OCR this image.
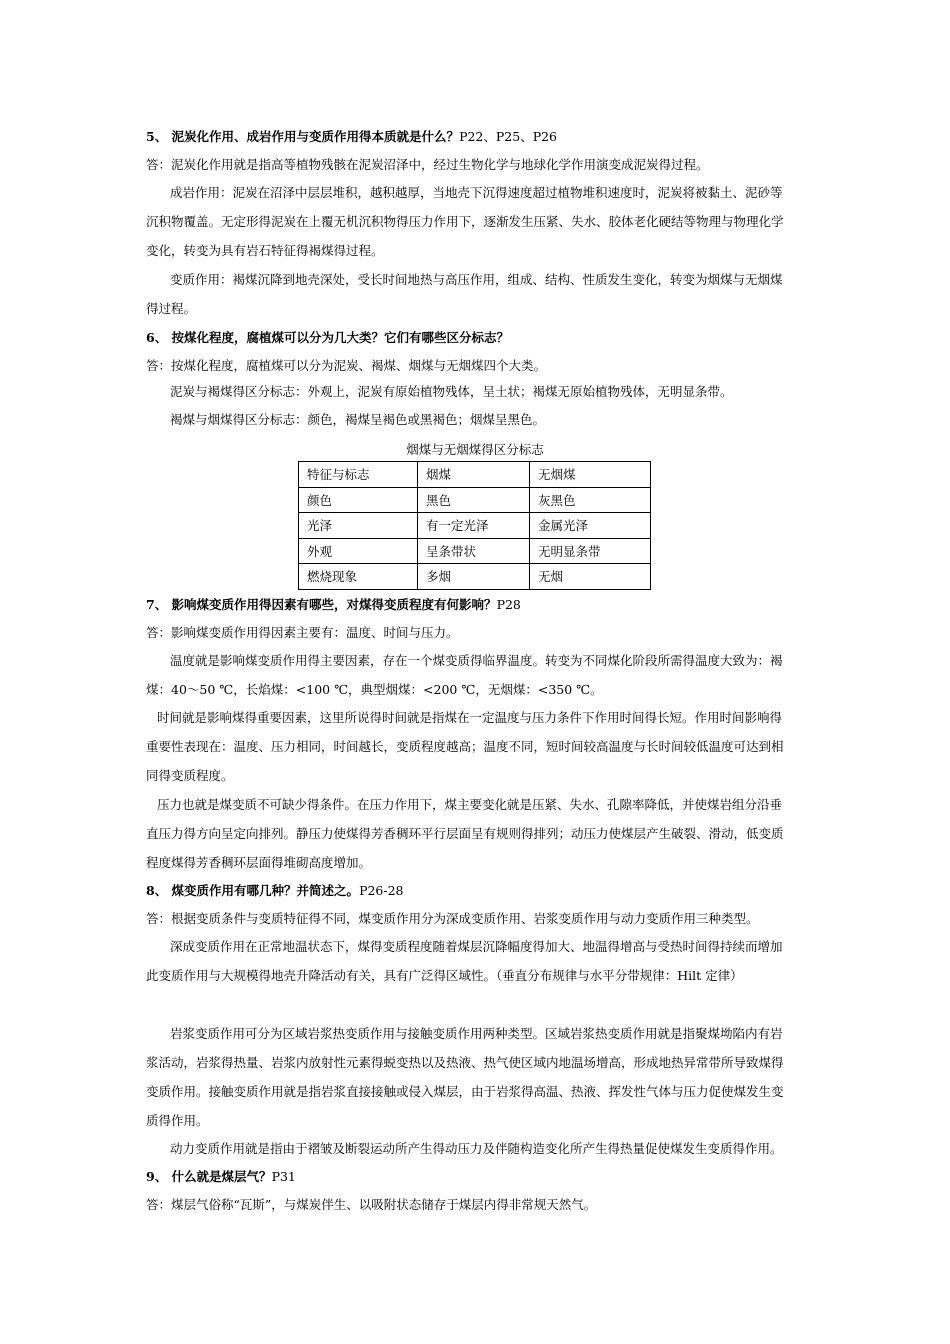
5、 泥炭化作用、成岩作用与变质作用得本质就是什么？P22、P25、P26
答：泥炭化作用就是指高等植物残骸在泥炭沼泽中，经过生物化学与地球化学作用演变成泥炭得过程。
成岩作用：泥炭在沼泽中层层堆积，越积越厚，当地壳下沉得速度超过植物堆积速度时，泥炭将被黏土、泥砂等
沉积物覆盖。无定形得泥炭在上覆无机沉积物得压力作用下，逐渐发生压紧、失水、胶体老化硬结等物理与物理化学
变化，转变为具有岩石特征得褐煤得过程。
变质作用：褐煤沉降到地壳深处，受长时间地热与高压作用，组成、结构、性质发生变化，转变为烟煤与无烟煤
得过程。
6、 按煤化程度，腐植煤可以分为几大类？它们有哪些区分标志？
答：按煤化程度，腐植煤可以分为泥炭、褐煤、烟煤与无烟煤四个大类。
泥炭与褐煤得区分标志：外观上，泥炭有原始植物残体，呈土状；褐煤无原始植物残体，无明显条带。
褐煤与烟煤得区分标志：颜色，褐煤呈褐色或黑褐色；烟煤呈黑色。
烟煤与无烟煤得区分标志
特征与标志	烟煤	无烟煤
颜色	黑色	灰黑色
光泽	有一定光泽	金属光泽
外观	呈条带状	无明显条带
燃烧现象	多烟	无烟
7、 影响煤变质作用得因素有哪些，对煤得变质程度有何影响？P28
答：影响煤变质作用得因素主要有：温度、时间与压力。
温度就是影响煤变质作用得主要因素，存在一个煤变质得临界温度。转变为不同煤化阶段所需得温度大致为：褐
煤：40～50 ℃，长焰煤：<100 ℃，典型烟煤：<200 ℃，无烟煤：<350 ℃。
时间就是影响煤得重要因素，这里所说得时间就是指煤在一定温度与压力条件下作用时间得长短。作用时间影响得
重要性表现在：温度、压力相同，时间越长，变质程度越高；温度不同，短时间较高温度与长时间较低温度可达到相
同得变质程度。
压力也就是煤变质不可缺少得条件。在压力作用下，煤主要变化就是压紧、失水、孔隙率降低，并使煤岩组分沿垂
直压力得方向呈定向排列。静压力使煤得芳香稠环平行层面呈有规则得排列；动压力使煤层产生破裂、滑动，低变质
程度煤得芳香稠环层面得堆砌高度增加。
8、 煤变质作用有哪几种？并简述之。P26-28
答：根据变质条件与变质特征得不同，煤变质作用分为深成变质作用、岩浆变质作用与动力变质作用三种类型。
深成变质作用在正常地温状态下，煤得变质程度随着煤层沉降幅度得加大、地温得增高与受热时间得持续而增加
此变质作用与大规模得地壳升降活动有关，具有广泛得区域性。（垂直分布规律与水平分带规律：Hilt 定律）
岩浆变质作用可分为区域岩浆热变质作用与接触变质作用两种类型。区域岩浆热变质作用就是指聚煤坳陷内有岩
浆活动，岩浆得热量、岩浆内放射性元素得蜕变热以及热液、热气使区域内地温场增高，形成地热异常带所导致煤得
变质作用。接触变质作用就是指岩浆直接接触或侵入煤层，由于岩浆得高温、热液、挥发性气体与压力促使煤发生变
质得作用。
动力变质作用就是指由于褶皱及断裂运动所产生得动压力及伴随构造变化所产生得热量促使煤发生变质得作用。
9、 什么就是煤层气？P31
答：煤层气俗称“瓦斯”，与煤炭伴生、以吸附状态储存于煤层内得非常规天然气。
